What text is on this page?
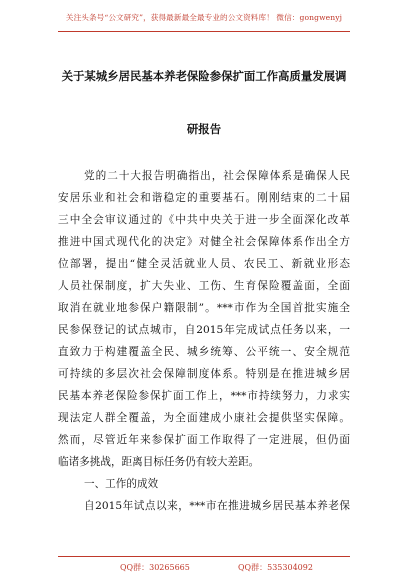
关注头条号“公文研究”，获得最新最全最专业的公文资料库！ 微信：gongwenyj
关于某城乡居民基本养老保险参保扩面工作高质量发展调
研报告
党的二十大报告明确指出，社会保障体系是确保人民
安居乐业和社会和谐稳定的重要基石。刚刚结束的二十届
三中全会审议通过的《中共中央关于进一步全面深化改革
推进中国式现代化的决定》对健全社会保障体系作出全方
位部署，提出“健全灵活就业人员、农民工、新就业形态
人员社保制度，扩大失业、工伤、生育保险覆盖面，全面
取消在就业地参保户籍限制”。***市作为全国首批实施全
民参保登记的试点城市，自2015年完成试点任务以来，一
直致力于构建覆盖全民、城乡统筹、公平统一、安全规范
可持续的多层次社会保障制度体系。特别是在推进城乡居
民基本养老保险参保扩面工作上，***市持续努力，力求实
现法定人群全覆盖，为全面建成小康社会提供坚实保障。
然而，尽管近年来参保扩面工作取得了一定进展，但仍面
临诸多挑战，距离目标任务仍有较大差距。
一、工作的成效
自2015年试点以来，***市在推进城乡居民基本养老保
QQ群：30265665	QQ群：535304092
